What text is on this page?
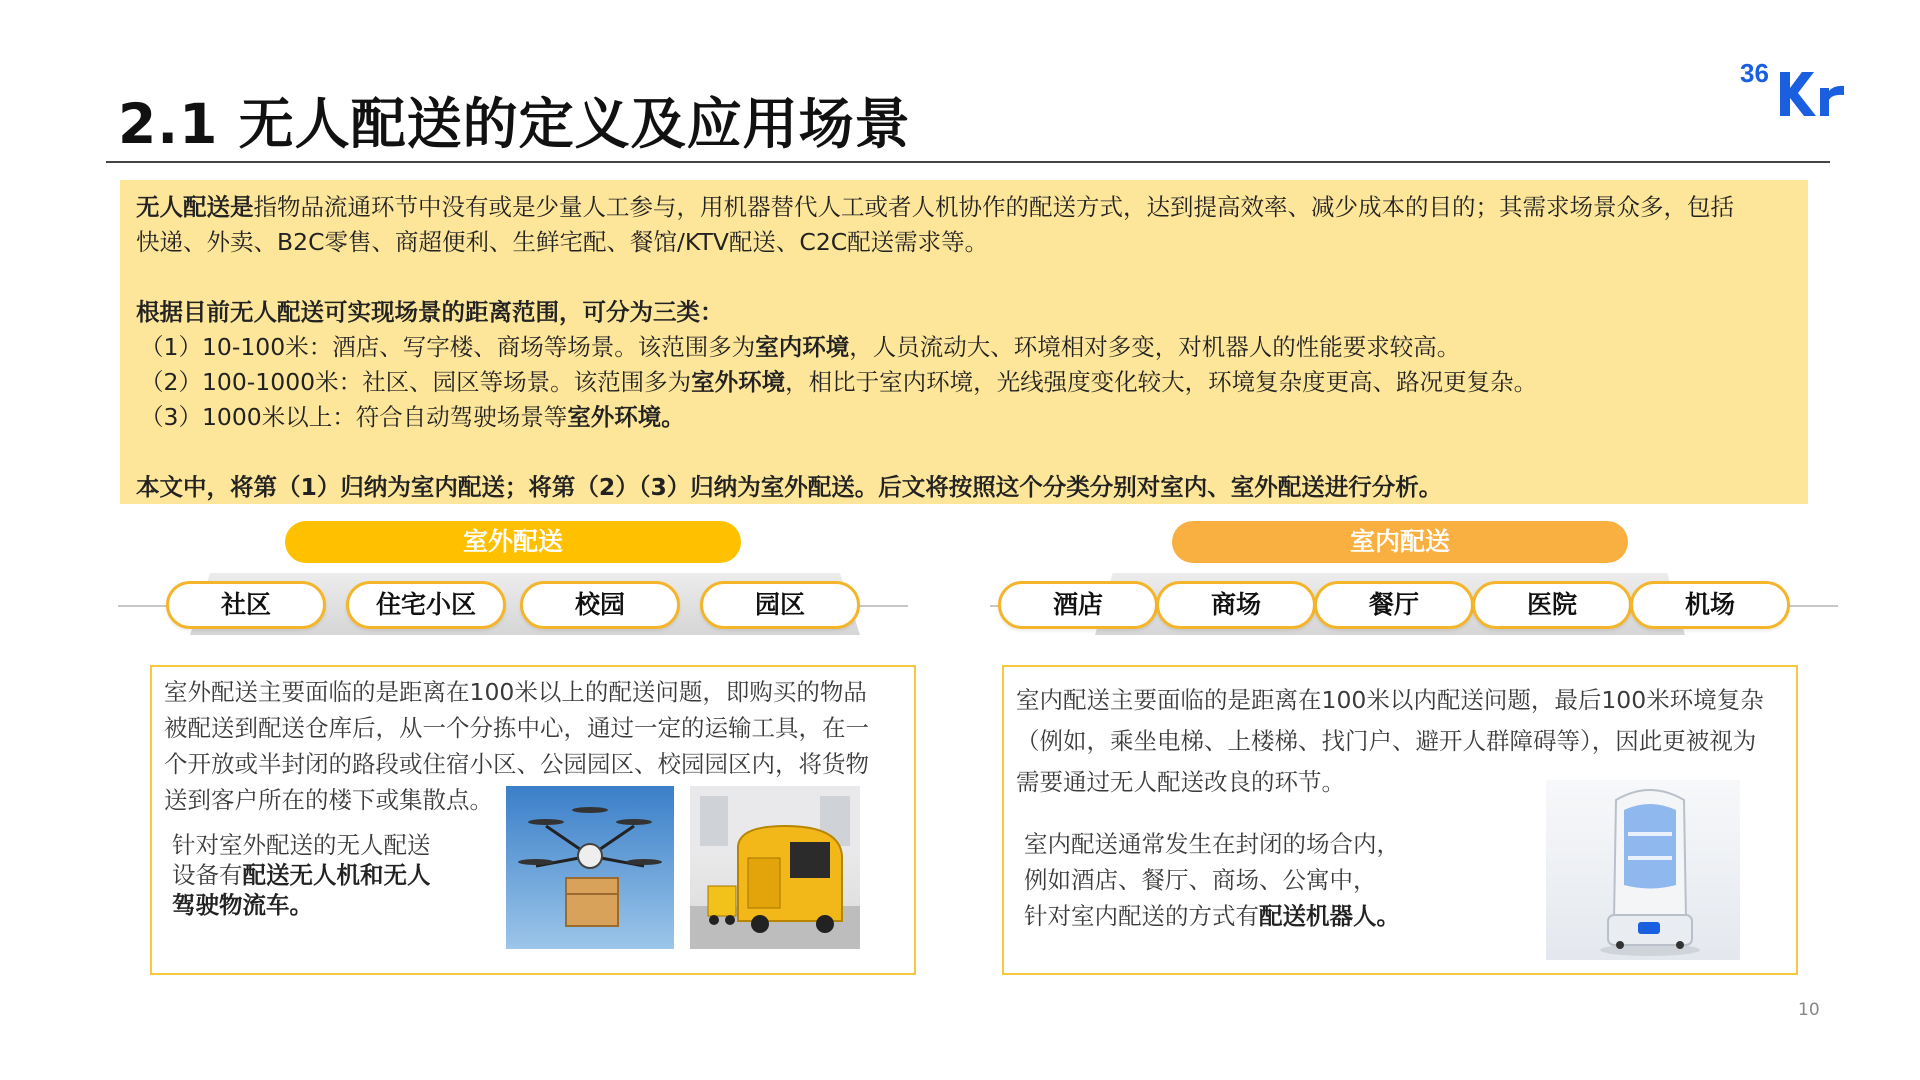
2.1 无人配送的定义及应用场景
36

无人配送是指物品流通环节中没有或是少量人工参与，用机器替代人工或者人机协作的配送方式，达到提高效率、减少成本的目的；其需求场景众多，包括

快递、外卖、B2C零售、商超便利、生鲜宅配、餐馆/KTV配送、C2C配送需求等。

根据目前无人配送可实现场景的距离范围，可分为三类：

（1）10-100米：酒店、写字楼、商场等场景。该范围多为室内环境，人员流动大、环境相对多变，对机器人的性能要求较高。

（2）100-1000米：社区、园区等场景。该范围多为室外环境，相比于室内环境，光线强度变化较大，环境复杂度更高、路况更复杂。

（3）1000米以上：符合自动驾驶场景等室外环境。

本文中，将第（1）归纳为室内配送；将第（2）（3）归纳为室外配送。后文将按照这个分类分别对室内、室外配送进行分析。

室外配送	室内配送
社区	住宅小区	校园	园区	酒店	商场	餐厅	医院	机场
室外配送主要面临的是距离在100米以上的配送问题，即购买的物品
被配送到配送仓库后，从一个分拣中心，通过一定的运输工具，在一
个开放或半封闭的路段或住宿小区、公园园区、校园园区内，将货物
送到客户所在的楼下或集散点。
针对室外配送的无人配送
设备有配送无人机和无人
驾驶物流车。
室内配送主要面临的是距离在100米以内配送问题，最后100米环境复杂
（例如，乘坐电梯、上楼梯、找门户、避开人群障碍等），因此更被视为
需要通过无人配送改良的环节。
室内配送通常发生在封闭的场合内，
例如酒店、餐厅、商场、公寓中，
针对室内配送的方式有配送机器人。
10
